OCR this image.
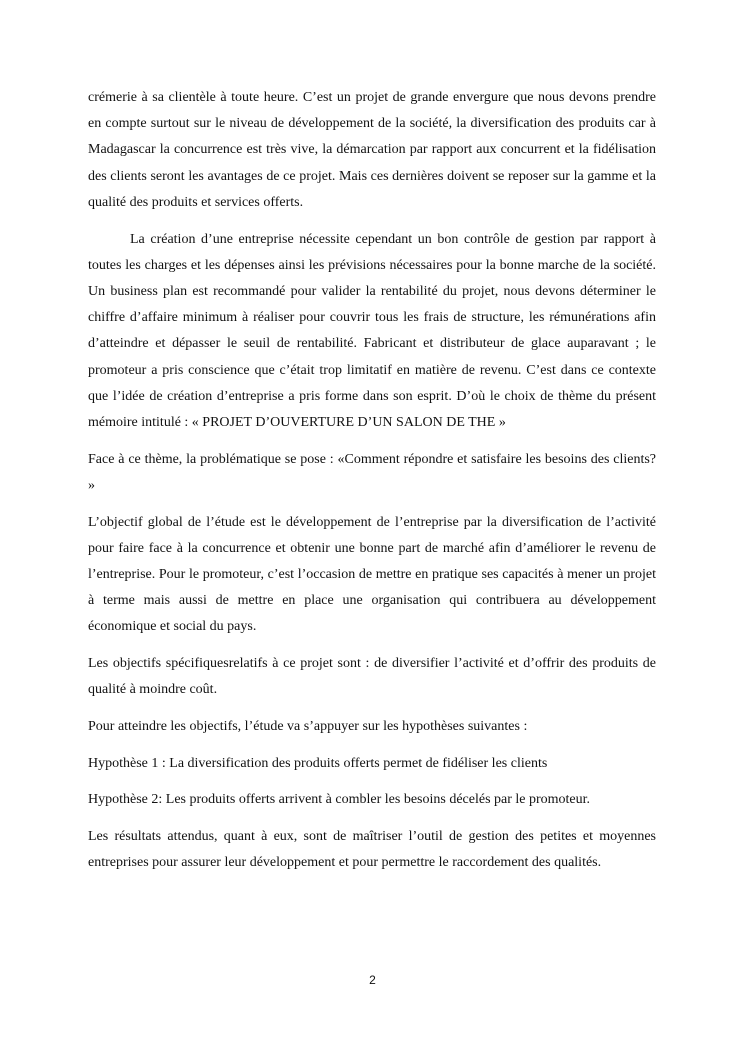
crémerie à sa clientèle à toute heure. C’est un projet de grande envergure que nous devons prendre en compte surtout sur le niveau de développement de la société, la diversification des produits car à Madagascar la concurrence est très vive, la démarcation par rapport aux concurrent et la fidélisation des clients seront les avantages de ce projet. Mais ces dernières doivent se reposer sur la gamme et la qualité des produits et services offerts.

La création d’une entreprise nécessite cependant un bon contrôle de gestion par rapport à toutes les charges et les dépenses ainsi les prévisions nécessaires pour la bonne marche de la société. Un business plan est recommandé pour valider la rentabilité du projet, nous devons déterminer le chiffre d’affaire minimum à réaliser pour couvrir tous les frais de structure, les rémunérations afin d’atteindre et dépasser le seuil de rentabilité. Fabricant et distributeur de glace auparavant ; le promoteur a pris conscience que c’était trop limitatif en matière de revenu. C’est dans ce contexte que l’idée de création d’entreprise a pris forme dans son esprit. D’où le choix de thème du présent mémoire intitulé : « PROJET D’OUVERTURE D’UN SALON DE THE »

Face à ce thème, la problématique se pose : «Comment répondre et satisfaire les besoins des clients? »

L’objectif global de l’étude est le développement de l’entreprise par la diversification de l’activité pour faire face à la concurrence et obtenir une bonne part de marché afin d’améliorer le revenu de l’entreprise. Pour le promoteur, c’est l’occasion de mettre en pratique ses capacités à mener un projet à terme mais aussi de mettre en place une organisation qui contribuera au développement économique et social du pays.

Les objectifs spécifiquesrelatifs à ce projet sont : de diversifier l’activité et d’offrir des produits de qualité à moindre coût.

Pour atteindre les objectifs, l’étude va s’appuyer sur les hypothèses suivantes :

Hypothèse 1 : La diversification des produits offerts permet de fidéliser les clients

Hypothèse 2: Les produits offerts arrivent à combler les besoins décelés par le promoteur.

Les résultats attendus, quant à eux, sont de maîtriser l’outil de gestion des petites et moyennes entreprises pour assurer leur développement et pour permettre le raccordement des qualités.

2
